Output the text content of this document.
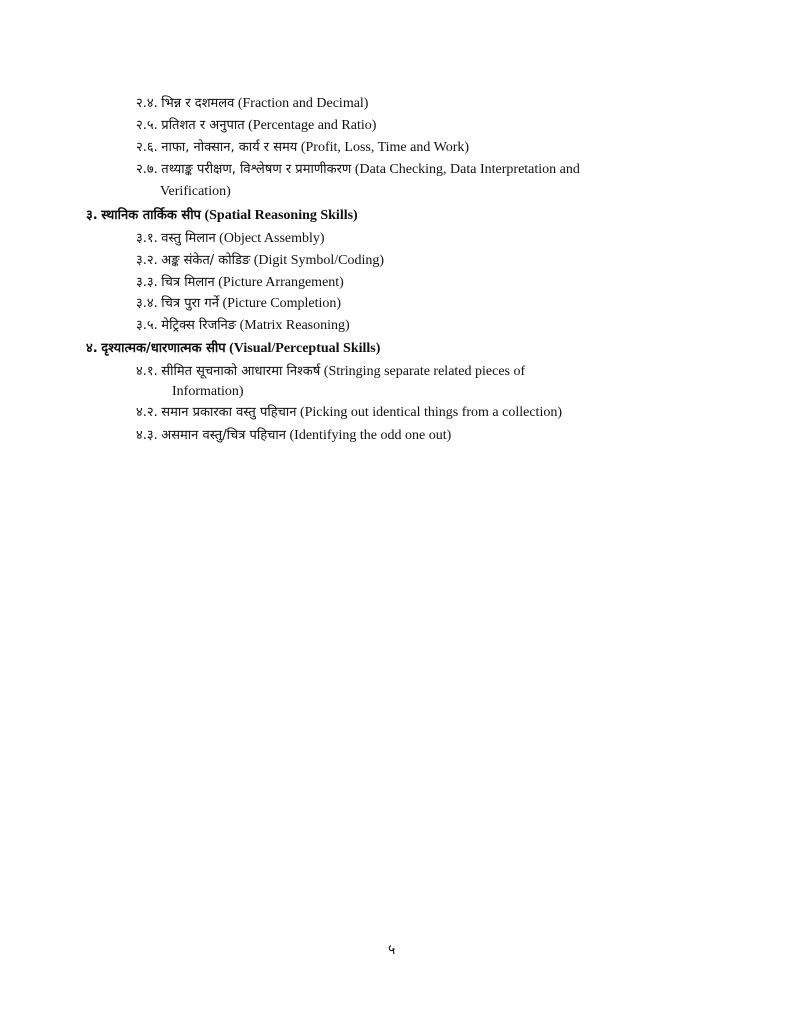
२.४. भिन्न र दशमलव (Fraction and Decimal)
२.५. प्रतिशत र अनुपात (Percentage and Ratio)
२.६. नाफा, नोक्सान, कार्य र समय (Profit, Loss, Time and Work)
२.७. तथ्याङ्क परीक्षण, विश्लेषण र प्रमाणीकरण (Data Checking, Data Interpretation and
Verification)
३. स्थानिक तार्किक सीप (Spatial Reasoning Skills)
३.१. वस्तु मिलान (Object Assembly)
३.२. अङ्क संकेत/ कोडिङ (Digit Symbol/Coding)
३.३. चित्र मिलान (Picture Arrangement)
३.४. चित्र पुरा गर्ने (Picture Completion)
३.५. मेट्रिक्स रिजनिङ (Matrix Reasoning)
४. दृश्यात्मक/धारणात्मक सीप (Visual/Perceptual Skills)
४.१. सीमित सूचनाको आधारमा निश्कर्ष (Stringing separate related pieces of
Information)
४.२. समान प्रकारका वस्तु पहिचान (Picking out identical things from a collection)
४.३. असमान वस्तु/चित्र पहिचान (Identifying the odd one out)
५
